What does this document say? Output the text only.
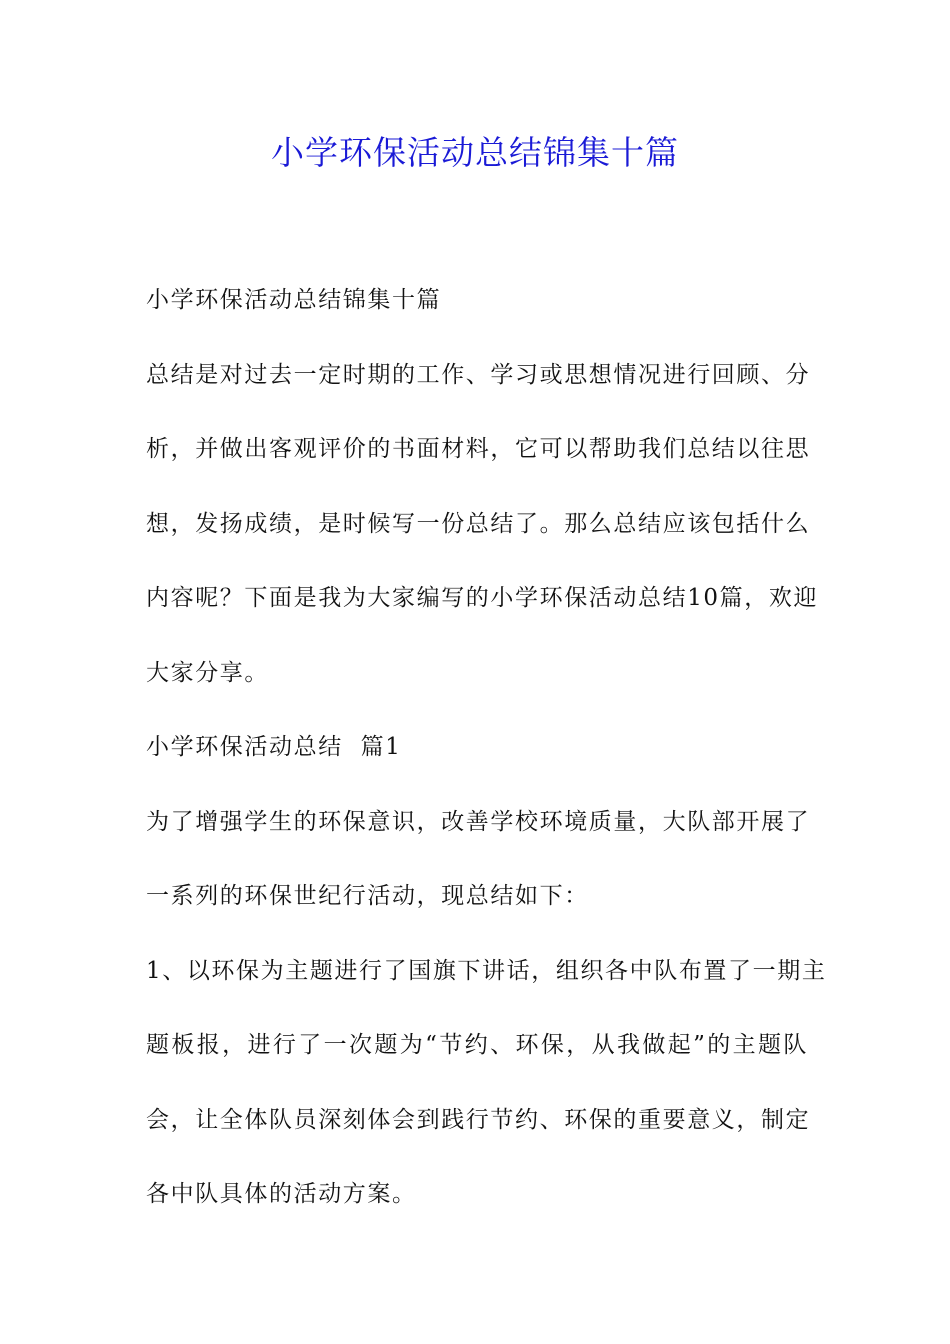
小学环保活动总结锦集十篇

小学环保活动总结锦集十篇

总结是对过去一定时期的工作、学习或思想情况进行回顾、分
析，并做出客观评价的书面材料，它可以帮助我们总结以往思
想，发扬成绩，是时候写一份总结了。那么总结应该包括什么
内容呢？下面是我为大家编写的小学环保活动总结10篇，欢迎
大家分享。

小学环保活动总结  篇1

为了增强学生的环保意识，改善学校环境质量，大队部开展了
一系列的环保世纪行活动，现总结如下：

1、以环保为主题进行了国旗下讲话，组织各中队布置了一期主
题板报，进行了一次题为“节约、环保，从我做起”的主题队
会，让全体队员深刻体会到践行节约、环保的重要意义，制定
各中队具体的活动方案。
